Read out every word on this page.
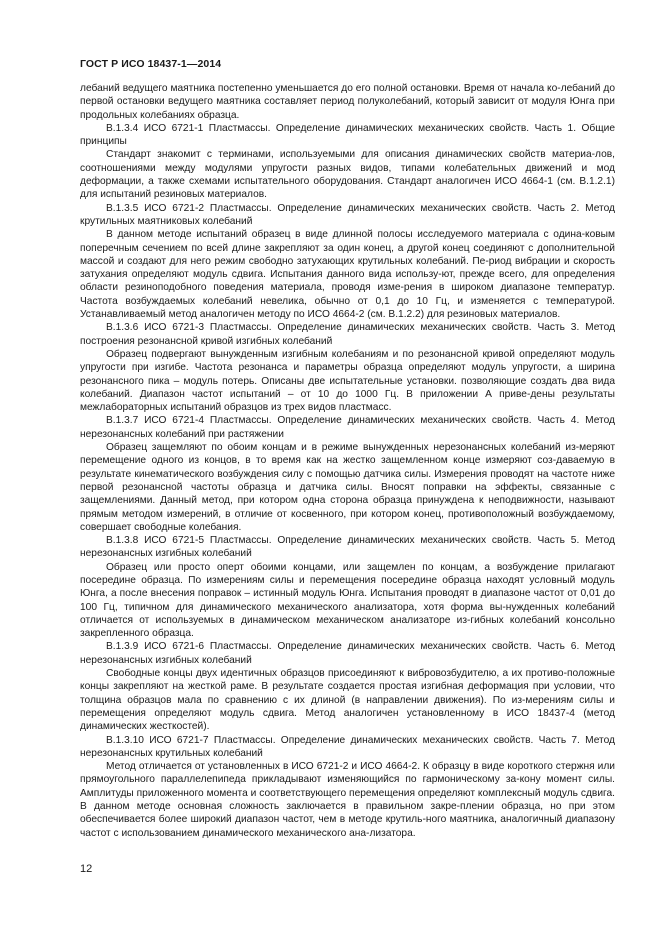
ГОСТ Р ИСО 18437-1—2014

лебаний ведущего маятника постепенно уменьшается до его полной остановки. Время от начала ко-лебаний до первой остановки ведущего маятника составляет период полуколебаний, который зависит от модуля Юнга при продольных колебаниях образца.

В.1.3.4 ИСО 6721-1 Пластмассы. Определение динамических механических свойств. Часть 1. Общие принципы

Стандарт знакомит с терминами, используемыми для описания динамических свойств материа-лов, соотношениями между модулями упругости разных видов, типами колебательных движений и мод деформации, а также схемами испытательного оборудования. Стандарт аналогичен ИСО 4664-1 (см. В.1.2.1) для испытаний резиновых материалов.

В.1.3.5 ИСО 6721-2 Пластмассы. Определение динамических механических свойств. Часть 2. Метод крутильных маятниковых колебаний

В данном методе испытаний образец в виде длинной полосы исследуемого материала с одина-ковым поперечным сечением по всей длине закрепляют за один конец, а другой конец соединяют с дополнительной массой и создают для него режим свободно затухающих крутильных колебаний. Пе-риод вибрации и скорость затухания определяют модуль сдвига. Испытания данного вида использу-ют, прежде всего, для определения области резиноподобного поведения материала, проводя изме-рения в широком диапазоне температур. Частота возбуждаемых колебаний невелика, обычно от 0,1 до 10 Гц, и изменяется с температурой. Устанавливаемый метод аналогичен методу по ИСО 4664-2 (см. В.1.2.2) для резиновых материалов.

В.1.3.6 ИСО 6721-3 Пластмассы. Определение динамических механических свойств. Часть 3. Метод построения резонансной кривой изгибных колебаний

Образец подвергают вынужденным изгибным колебаниям и по резонансной кривой определяют модуль упругости при изгибе. Частота резонанса и параметры образца определяют модуль упругости, а ширина резонансного пика – модуль потерь. Описаны две испытательные установки. позволяющие создать два вида колебаний. Диапазон частот испытаний – от 10 до 1000 Гц. В приложении А приве-дены результаты межлабораторных испытаний образцов из трех видов пластмасс.

В.1.3.7 ИСО 6721-4 Пластмассы. Определение динамических механических свойств. Часть 4. Метод нерезонансных колебаний при растяжении

Образец защемляют по обоим концам и в режиме вынужденных нерезонансных колебаний из-меряют перемещение одного из концов, в то время как на жестко защемленном конце измеряют соз-даваемую в результате кинематического возбуждения силу с помощью датчика силы. Измерения проводят на частоте ниже первой резонансной частоты образца и датчика силы. Вносят поправки на эффекты, связанные с защемлениями. Данный метод, при котором одна сторона образца принуждена к неподвижности, называют прямым методом измерений, в отличие от косвенного, при котором конец, противоположный возбуждаемому, совершает свободные колебания.

В.1.3.8 ИСО 6721-5 Пластмассы. Определение динамических механических свойств. Часть 5. Метод нерезонансных изгибных колебаний

Образец или просто оперт обоими концами, или защемлен по концам, а возбуждение прилагают посередине образца. По измерениям силы и перемещения посередине образца находят условный модуль Юнга, а после внесения поправок – истинный модуль Юнга. Испытания проводят в диапазоне частот от 0,01 до 100 Гц, типичном для динамического механического анализатора, хотя форма вы-нужденных колебаний отличается от используемых в динамическом механическом анализаторе из-гибных колебаний консольно закрепленного образца.

В.1.3.9 ИСО 6721-6 Пластмассы. Определение динамических механических свойств. Часть 6. Метод нерезонансных изгибных колебаний

Свободные концы двух идентичных образцов присоединяют к вибровозбудителю, а их противо-положные концы закрепляют на жесткой раме. В результате создается простая изгибная деформация при условии, что толщина образцов мала по сравнению с их длиной (в направлении движения). По из-мерениям силы и перемещения определяют модуль сдвига. Метод аналогичен установленному в ИСО 18437-4 (метод динамических жесткостей).

В.1.3.10 ИСО 6721-7 Пластмассы. Определение динамических механических свойств. Часть 7. Метод нерезонансных крутильных колебаний

Метод отличается от установленных в ИСО 6721-2 и ИСО 4664-2. К образцу в виде короткого стержня или прямоугольного параллелепипеда прикладывают изменяющийся по гармоническому за-кону момент силы. Амплитуды приложенного момента и соответствующего перемещения определяют комплексный модуль сдвига. В данном методе основная сложность заключается в правильном закре-плении образца, но при этом обеспечивается более широкий диапазон частот, чем в методе крутиль-ного маятника, аналогичный диапазону частот с использованием динамического механического ана-лизатора.

12
